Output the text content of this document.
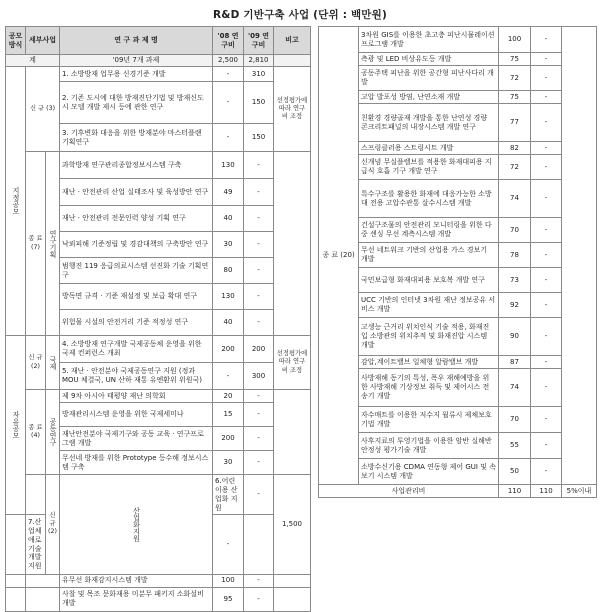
R&D 기반구축 사업 (단위 : 백만원)
공모방식	세부사업		연 구 과 제 명	'08 연구비	'09 연구비	비고	
계			'09년 7개 과제	2,500	2,810		
지정공모	신 규 (3)		1. 소방방재 업무용 신경기준 개발	-	310	선정평가에 따라 연구비 조정	
			2. 기존 도시에 대한 방재진단기법 및 방재신도시 모델 개발 제시 등에 관한 연구	-	150		
			3. 기후변화 대응을 위한 방재분야 마스터플랜 기획연구	-	150		
	종 료 (7)	연구기획	과학방재 연구관리종합정보시스템 구축	130	-		
			재난 · 안전관리 산업 실태조사 및 육성방안 연구	49	-		
			재난 · 안전관리 전문인력 양성 기획 연구	40	-		
			낙뢰피해 기준정립 및 경감대책의 구축방안 연구	30	-		
			범행진 119 응급의료시스템 선진화 기술 기획연구	80	-		
			방독면 규격 · 기준 재설정 및 보급 확대 연구	130	-		
			위험물 시설의 안전거리 기준 적정성 연구	40	-		
자유공모	신 규 (2)	국제	4. 소방방재 연구개발 국제공동체 운영을 위한 국제 컨퍼런스 개최	200	200	선정평가에 따라 연구비 조정	
			5. 재난 · 안전분야 국제공동연구 지원 (정과 MOU 체결국, UN 산하 재통 유엔환위 위원국)	-	300		
	종 료 (4)	공동연구	제 9차 아시아 태평양 재난 의학회	20	-		
			방재관리시스템 운영을 위한 국제세미나	15	-		
			재난안전분야 국제기구와 공동 교육 · 연구프로그램 개발	200	-		
			무선네 방재를 위한 Prototype 등수해 정보시스템 구축	30	-		
		신 규 (2)	산업화지원	6.어린이용 산업화 지원	-	1,500	
	7.산업체 애로기술 개발 지원			-			
			유무선 화재감지시스템 개발	100	-		
			사찰 및 목조 문화재용 미분무 패키지 소화설비 개발	95	-		
종 료 (20)	3차원 GIS를 이용한 초고층 피난시뮬레이션 프로그램 개발	100	-	
	측광 및 LED 비상유도등 개발	75	-	
	공동주택 피난을 위한 공간형 피난사다리 개발	72	-	
	고압 발포성 방염, 난연소재 개발	75	-	
	친환경 경량골재 개발을 통한 난연성 경량 콘크리트패널의 내장시스템 개발 연구	77	-	
	스프링클러용 스트링시트 개발	82	-	
	신개념 무실플렐브를 적용한 화재대피용 지급식 호흡 기구 개발 연구	72	-	
	특수구조를 활용한 화재에 대응가능한 소방대 전용 고압수관통 살수시스템 개발	74	-	
	건설구조물의 안전관리 모니터링을 위한 다중 센싱 무선 계측시스템 개발	70	-	
	무선 네트워크 기반의 산업용 가스 경보기 개발	78	-	
	국민보급형 화재대피용 보호복 개발 연구	73	-	
	UCC 기반의 인터넷 3차원 재난 정보공유 서비스 개발	92	-	
	고생능 근거리 위치인식 기술 적용, 화재진입 소방관의 위치추적 및 화재진압 시스템 개발	90	-	
	감압,계이트밸브 일체형 알람밸브 개발	87	-	
	사방재해 동기의 특성, 폭우 재해예방을 위한 사방재해 기상정보 취득 및 제어시스 전송기 개발	74	-	
	자수매트를 이용한 저수지 월류시 제체보호기법 개발	70	-	
	사후지료의 투영기법을 이용한 암반 실해반 안정성 평가기술 개발	55	-	
	소방수신기용 CDMA 연동형 제어 GUI 및 속보기 시스템 개발	50	-	
사업관리비		110	110	5%이내
